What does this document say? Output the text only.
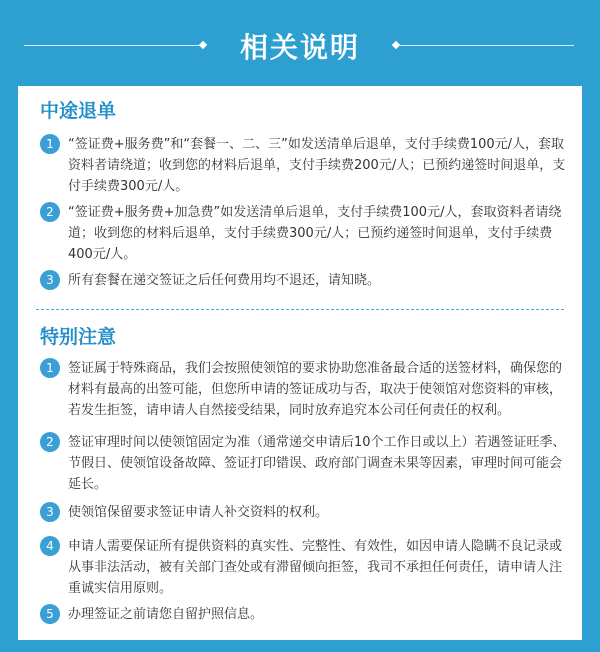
相关说明
中途退单
1	“签证费+服务费”和“套餐一、二、三”如发送清单后退单，支付手续费100元/人，套取资料者请绕道；收到您的材料后退单，支付手续费200元/人；已预约递签时间退单，支付手续费300元/人。
2	“签证费+服务费+加急费”如发送清单后退单，支付手续费100元/人，套取资料者请绕道；收到您的材料后退单，支付手续费300元/人；已预约递签时间退单，支付手续费400元/人。
3	所有套餐在递交签证之后任何费用均不退还，请知晓。
特别注意
1	签证属于特殊商品，我们会按照使领馆的要求协助您准备最合适的送签材料，确保您的材料有最高的出签可能，但您所申请的签证成功与否，取决于使领馆对您资料的审核，若发生拒签，请申请人自然接受结果，同时放弃追究本公司任何责任的权利。
2	签证审理时间以使领馆固定为准（通常递交申请后10个工作日或以上）若遇签证旺季、节假日、使领馆设备故障、签证打印错误、政府部门调查未果等因素，审理时间可能会延长。
3	使领馆保留要求签证申请人补交资料的权利。
4	申请人需要保证所有提供资料的真实性、完整性、有效性，如因申请人隐瞒不良记录或从事非法活动，被有关部门查处或有滞留倾向拒签，我司不承担任何责任，请申请人注重诚实信用原则。
5	办理签证之前请您自留护照信息。
